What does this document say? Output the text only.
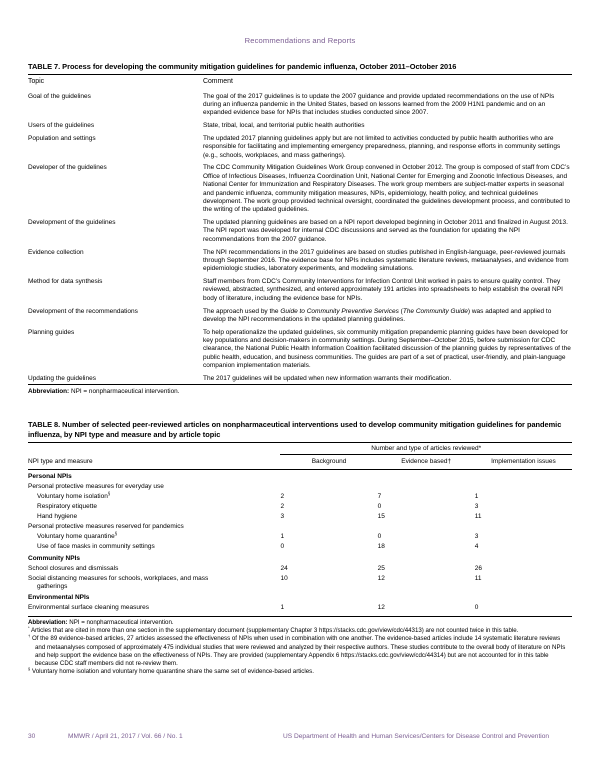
Recommendations and Reports
TABLE 7. Process for developing the community mitigation guidelines for pandemic influenza, October 2011–October 2016
Topic	Comment
Goal of the guidelines	The goal of the 2017 guidelines is to update the 2007 guidance and provide updated recommendations on the use of NPIs during an influenza pandemic in the United States, based on lessons learned from the 2009 H1N1 pandemic and on an expanded evidence base for NPIs that includes studies conducted since 2007.
Users of the guidelines	State, tribal, local, and territorial public health authorities
Population and settings	The updated 2017 planning guidelines apply but are not limited to activities conducted by public health authorities who are responsible for facilitating and implementing emergency preparedness, planning, and response efforts in community settings (e.g., schools, workplaces, and mass gatherings).
Developer of the guidelines	The CDC Community Mitigation Guidelines Work Group convened in October 2012. The group is composed of staff from CDC’s Office of Infectious Diseases, Influenza Coordination Unit, National Center for Emerging and Zoonotic Infectious Diseases, and National Center for Immunization and Respiratory Diseases. The work group members are subject-matter experts in seasonal and pandemic influenza, community mitigation measures, NPIs, epidemiology, health policy, and technical guidelines development. The work group provided technical oversight, coordinated the guidelines development process, and contributed to the writing of the updated guidelines.
Development of the guidelines	The updated planning guidelines are based on a NPI report developed beginning in October 2011 and finalized in August 2013. The NPI report was developed for internal CDC discussions and served as the foundation for updating the NPI recommendations from the 2007 guidance.
Evidence collection	The NPI recommendations in the 2017 guidelines are based on studies published in English-language, peer-reviewed journals through September 2016. The evidence base for NPIs includes systematic literature reviews, metaanalyses, and evidence from epidemiologic studies, laboratory experiments, and modeling simulations.
Method for data synthesis	Staff members from CDC’s Community Interventions for Infection Control Unit worked in pairs to ensure quality control. They reviewed, abstracted, synthesized, and entered approximately 191 articles into spreadsheets to help establish the overall NPI body of literature, including the evidence base for NPIs.
Development of the recommendations	The approach used by the Guide to Community Preventive Services (The Community Guide) was adapted and applied to develop the NPI recommendations in the updated planning guidelines.
Planning guides	To help operationalize the updated guidelines, six community mitigation prepandemic planning guides have been developed for key populations and decision-makers in community settings. During September–October 2015, before submission for CDC clearance, the National Public Health Information Coalition facilitated discussion of the planning guides by representatives of the public health, education, and business communities. The guides are part of a set of practical, user-friendly, and plain-language companion implementation materials.
Updating the guidelines	The 2017 guidelines will be updated when new information warrants their modification.
Abbreviation: NPI = nonpharmaceutical intervention.
TABLE 8. Number of selected peer-reviewed articles on nonpharmaceutical interventions used to develop community mitigation guidelines for pandemic influenza, by NPI type and measure and by article topic

	Number and type of articles reviewed*		

NPI type and measure	Background	Evidence based†	Implementation issues

Personal NPIs			
Personal protective measures for everyday use			
Voluntary home isolation§	2	7	1
Respiratory etiquette	2	0	3
Hand hygiene	3	15	11
Personal protective measures reserved for pandemics			
Voluntary home quarantine§	1	0	3
Use of face masks in community settings	0	18	4
Community NPIs			
School closures and dismissals	24	25	26
Social distancing measures for schools, workplaces, and mass
gatherings	10	12	11
Environmental NPIs			
Environmental surface cleaning measures	1	12	0
Abbreviation: NPI = nonpharmaceutical intervention.
* Articles that are cited in more than one section in the supplementary document (supplementary Chapter 3 https://stacks.cdc.gov/view/cdc/44313) are not counted twice in this table.
† Of the 89 evidence-based articles, 27 articles assessed the effectiveness of NPIs when used in combination with one another. The evidence-based articles include 14 systematic literature reviews and metaanalyses composed of approximately 475 individual studies that were reviewed and analyzed by their respective authors. These studies contribute to the overall body of literature on NPIs and help support the evidence base on the effectiveness of NPIs. They are provided (supplementary Appendix 6 https://stacks.cdc.gov/view/cdc/44314) but are not accounted for in this table because CDC staff members did not re-review them.
§ Voluntary home isolation and voluntary home quarantine share the same set of evidence-based articles.
30	MMWR / April 21, 2017 / Vol. 66 / No. 1	US Department of Health and Human Services/Centers for Disease Control and Prevention
